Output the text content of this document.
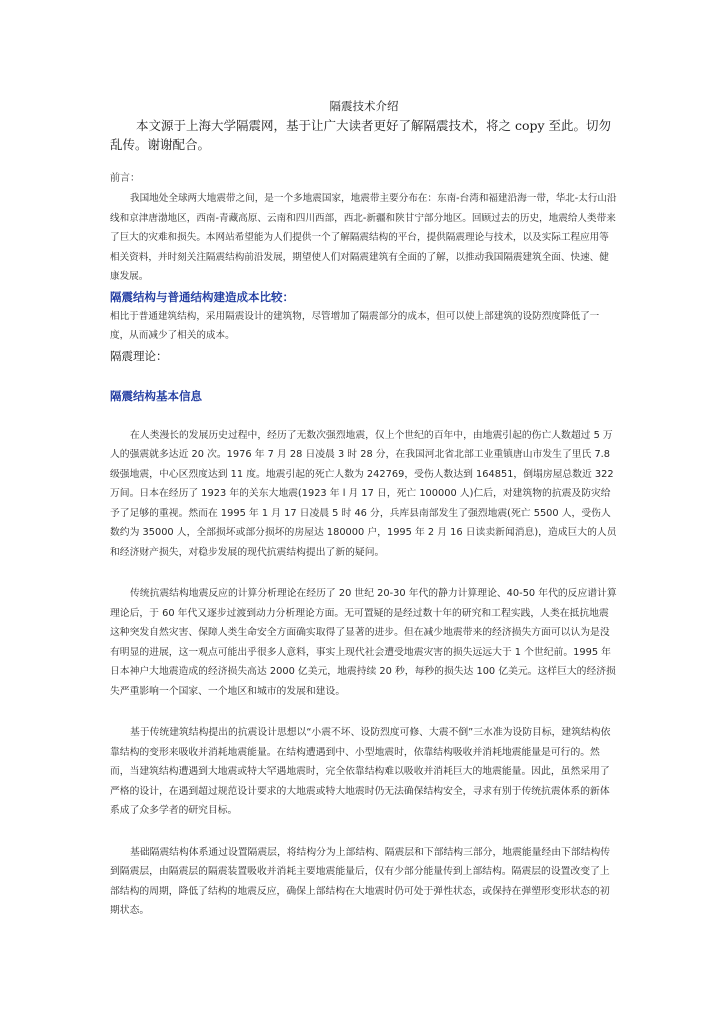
隔震技术介绍

本文源于上海大学隔震网，基于让广大读者更好了解隔震技术，将之 copy 至此。切勿乱传。谢谢配合。

前言：

我国地处全球两大地震带之间，是一个多地震国家，地震带主要分布在：东南-台湾和福建沿海一带，华北-太行山沿线和京津唐渤地区，西南-青藏高原、云南和四川西部，西北-新疆和陕甘宁部分地区。回顾过去的历史，地震给人类带来了巨大的灾难和损失。本网站希望能为人们提供一个了解隔震结构的平台，提供隔震理论与技术，以及实际工程应用等相关资料，并时刻关注隔震结构前沿发展，期望使人们对隔震建筑有全面的了解，以推动我国隔震建筑全面、快速、健康发展。

隔震结构与普通结构建造成本比较：

相比于普通建筑结构，采用隔震设计的建筑物，尽管增加了隔震部分的成本，但可以使上部建筑的设防烈度降低了一度，从而减少了相关的成本。

隔震理论：

隔震结构基本信息

在人类漫长的发展历史过程中，经历了无数次强烈地震，仅上个世纪的百年中，由地震引起的伤亡人数超过 5 万人的强震就多达近 20 次。1976 年 7 月 28 日凌晨 3 时 28 分，在我国河北省北部工业重镇唐山市发生了里氏 7.8 级强地震，中心区烈度达到 11 度。地震引起的死亡人数为 242769，受伤人数达到 164851，倒塌房屋总数近 322 万间。日本在经历了 1923 年的关东大地震(1923 年 l 月 17 日，死亡 100000 人)仁后，对建筑物的抗震及防灾给予了足够的重视。然而在 1995 年 1 月 17 日凌晨 5 时 46 分，兵库县南部发生了强烈地震(死亡 5500 人，受伤人数约为 35000 人，全部损坏或部分损坏的房屋达 180000 户，1995 年 2 月 16 日读卖新闻消息)，造成巨大的人员和经济财产损失，对稳步发展的现代抗震结构提出了新的疑问。

传统抗震结构地震反应的计算分析理论在经历了 20 世纪 20-30 年代的静力计算理论、40-50 年代的反应谱计算理论后，于 60 年代又逐步过渡到动力分析理论方面。无可置疑的是经过数十年的研究和工程实践，人类在抵抗地震这种突发自然灾害、保障人类生命安全方面确实取得了显著的进步。但在减少地震带来的经济损失方面可以认为是没有明显的进展，这一观点可能出乎很多人意料，事实上现代社会遭受地震灾害的损失远远大于 1 个世纪前。1995 年日本神户大地震造成的经济损失高达 2000 亿美元，地震持续 20 秒，每秒的损失达 100 亿美元。这样巨大的经济损失严重影响一个国家、一个地区和城市的发展和建设。

基于传统建筑结构提出的抗震设计思想以“小震不坏、设防烈度可修、大震不倒”三水准为设防目标，建筑结构依靠结构的变形来吸收并消耗地震能量。在结构遭遇到中、小型地震时，依靠结构吸收并消耗地震能量是可行的。然而，当建筑结构遭遇到大地震或特大罕遇地震时，完全依靠结构难以吸收并消耗巨大的地震能量。因此，虽然采用了严格的设计，在遇到超过规范设计要求的大地震或特大地震时仍无法确保结构安全，寻求有别于传统抗震体系的新体系成了众多学者的研究目标。

基础隔震结构体系通过设置隔震层，将结构分为上部结构、隔震层和下部结构三部分，地震能量经由下部结构传到隔震层，由隔震层的隔震装置吸收并消耗主要地震能量后，仅有少部分能量传到上部结构。隔震层的设置改变了上部结构的周期，降低了结构的地震反应，确保上部结构在大地震时仍可处于弹性状态，或保持在弹塑形变形状态的初期状态。
